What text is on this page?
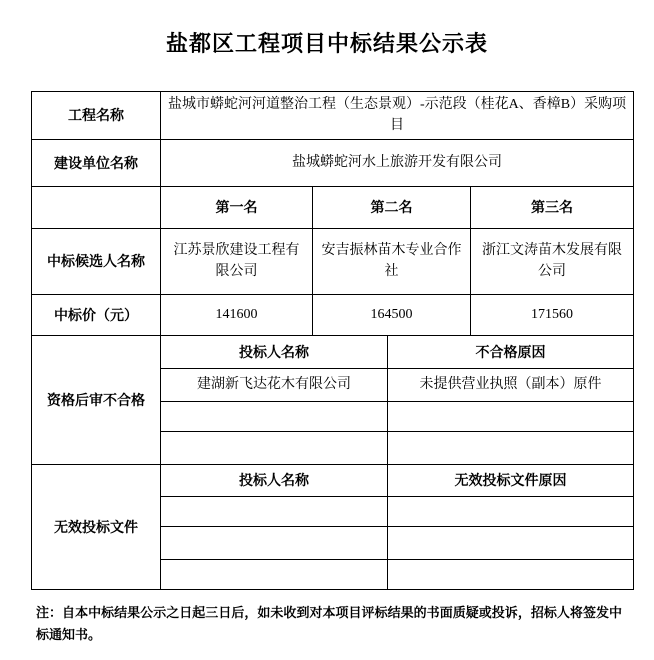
盐都区工程项目中标结果公示表
工程名称	盐城市蟒蛇河河道整治工程（生态景观）-示范段（桂花A、香樟B）采购项目			
建设单位名称	盐城蟒蛇河水上旅游开发有限公司			
	第一名	第二名		第三名
中标候选人名称	江苏景欣建设工程有限公司	安吉振林苗木专业合作社		浙江文涛苗木发展有限公司
中标价（元）	141600	164500		171560
资格后审不合格	投标人名称		不合格原因	
	建湖新飞达花木有限公司		未提供营业执照（副本）原件	

无效投标文件	投标人名称		无效投标文件原因	

注：自本中标结果公示之日起三日后，如未收到对本项目评标结果的书面质疑或投诉，招标人将签发中标通知书。
